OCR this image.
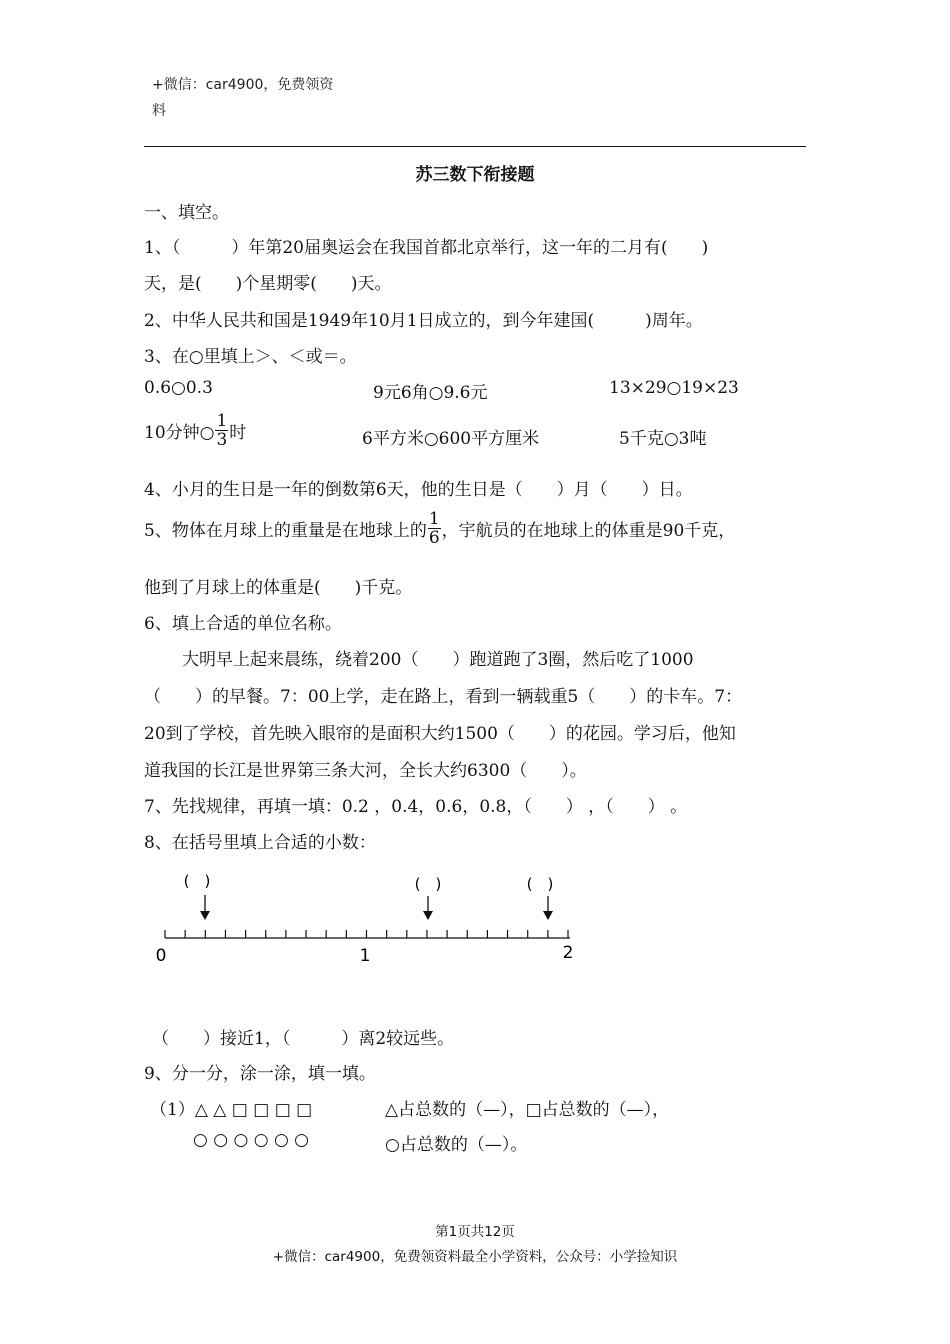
+微信：car4900，免费领资
料
苏三数下衔接题
一、填空。
1、（　　　）年第20届奥运会在我国首都北京举行，这一年的二月有(　　)
天，是(　　)个星期零(　　)天。
2、中华人民共和国是1949年10月1日成立的，到今年建国(　　　)周年。
3、在○里填上＞、＜或＝。
0.6○0.3	9元6角○9.6元	13×29○19×23
10分钟○ $\frac{1}{3}$ 时	6平方米○600平方厘米	5千克○3吨
4、小月的生日是一年的倒数第6天，他的生日是（　　）月（　　）日。
5、物体在月球上的重量是在地球上的 $\frac{1}{6}$ ，宇航员的在地球上的体重是90千克，
他到了月球上的体重是(　　)千克。
6、填上合适的单位名称。
大明早上起来晨练，绕着200（　　）跑道跑了3圈，然后吃了1000
（　　）的早餐。7：00上学，走在路上，看到一辆载重5（　　）的卡车。7：
20到了学校，首先映入眼帘的是面积大约1500（　　）的花园。学习后，他知
道我国的长江是世界第三条大河，全长大约6300（　　）。
7、先找规律，再填一填：0.2 ，0.4，0.6，0.8，（　　） ，（　　） 。
8、在括号里填上合适的小数：
(　)	(　)	(　)
0	1	2
（　　）接近1，（　　　）离2较远些。
9、分一分，涂一涂，填一填。
（1）△ △ □ □ □ □	△占总数的（—），□占总数的（—），
○ ○ ○ ○ ○ ○	○占总数的（—）。
第1页共12页
+微信：car4900，免费领资料最全小学资料，公众号：小学捡知识
